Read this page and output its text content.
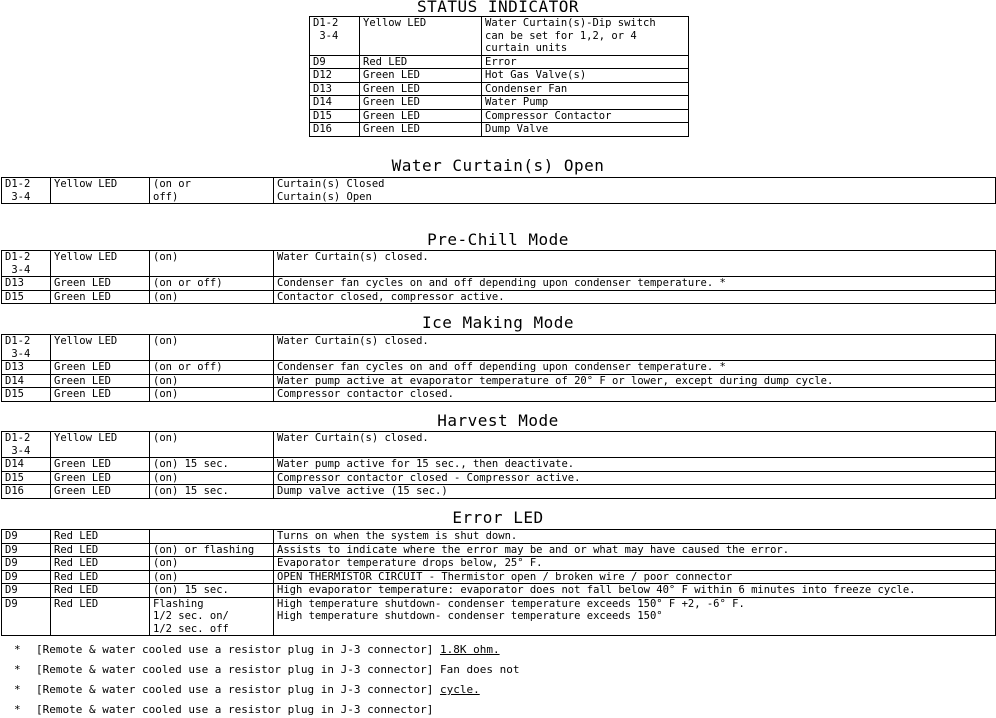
STATUS INDICATOR
D1-2
3-4	Yellow LED	Water Curtain(s)-Dip switch
can be set for 1,2, or 4
curtain units
D9	Red LED	Error
D12	Green LED	Hot Gas Valve(s)
D13	Green LED	Condenser Fan
D14	Green LED	Water Pump
D15	Green LED	Compressor Contactor
D16	Green LED	Dump Valve
Water Curtain(s) Open
D1-2
3-4	Yellow LED	(on or
off)	Curtain(s) Closed
Curtain(s) Open
Pre-Chill Mode
D1-2
3-4	Yellow LED	(on)	Water Curtain(s) closed.
D13	Green LED	(on or off)	Condenser fan cycles on and off depending upon condenser temperature. *
D15	Green LED	(on)	Contactor closed, compressor active.
Ice Making Mode
D1-2
3-4	Yellow LED	(on)	Water Curtain(s) closed.
D13	Green LED	(on or off)	Condenser fan cycles on and off depending upon condenser temperature. *
D14	Green LED	(on)	Water pump active at evaporator temperature of 20° F or lower, except during dump cycle.
D15	Green LED	(on)	Compressor contactor closed.
Harvest Mode
D1-2
3-4	Yellow LED	(on)	Water Curtain(s) closed.
D14	Green LED	(on) 15 sec.	Water pump active for 15 sec., then deactivate.
D15	Green LED	(on)	Compressor contactor closed - Compressor active.
D16	Green LED	(on) 15 sec.	Dump valve active (15 sec.)
Error LED
D9	Red LED		Turns on when the system is shut down.
D9	Red LED	(on) or flashing	Assists to indicate where the error may be and or what may have caused the error.
D9	Red LED	(on)	Evaporator temperature drops below, 25° F.
D9	Red LED	(on)	OPEN THERMISTOR CIRCUIT - Thermistor open / broken wire / poor connector
D9	Red LED	(on) 15 sec.	High evaporator temperature: evaporator does not fall below 40° F within 6 minutes into freeze cycle.
D9	Red LED	Flashing
1/2 sec. on/
1/2 sec. off	High temperature shutdown- condenser temperature exceeds 150° F +2, -6° F.
High temperature shutdown- condenser temperature exceeds 150°
* [Remote & water cooled use a resistor plug in J-3 connector] 1.8K ohm.
* [Remote & water cooled use a resistor plug in J-3 connector] Fan does not
* [Remote & water cooled use a resistor plug in J-3 connector] cycle.
* [Remote & water cooled use a resistor plug in J-3 connector]
